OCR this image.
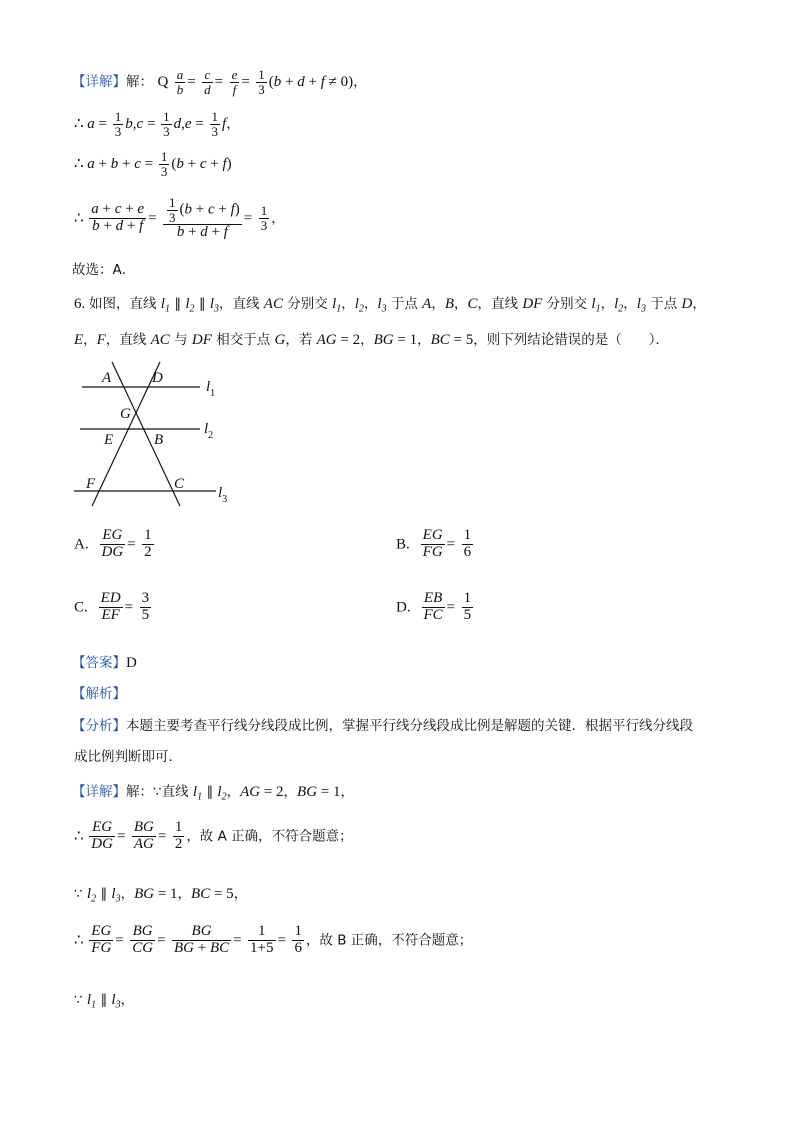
【详解】解： Q $\frac{a}{b} = \frac{c}{d} = \frac{e}{f} = \frac{1}{3} (b + d + f \ne 0)$，
∴ $a = \frac{1}{3} b,c = \frac{1}{3} d,e = \frac{1}{3}$ f，
∴ $a + b + c = \frac{1}{3} (b + c + f)$
∴ $\frac{a + c + e}{b + d + f} = \frac{\frac{1}{3} (b + c + f)}{b + d + f} = \frac{1}{3}$ ，
故选：A．
6. 如图，直线 $l_1$ ∥ $l_2$ ∥ $l_3$，直线 AC 分别交 $l_1$，$l_2$，$l_3$ 于点 A，B，C，直线 DF 分别交 $l_1$，$l_2$，$l_3$ 于点 D，
E，F，直线 AC 与 DF 相交于点 G，若 AG = 2，BG = 1，BC = 5，则下列结论错误的是（　　）．
A	D
G
E	B
F	C
$l_1$
$l_2$
$l_3$
A. $\frac{EG}{DG} = \frac{1}{2}$	B. $\frac{EG}{FG} = \frac{1}{6}$
C. $\frac{ED}{EF} = \frac{3}{5}$	D. $\frac{EB}{FC} = \frac{1}{5}$
【答案】D
【解析】
【分析】本题主要考查平行线分线段成比例，掌握平行线分线段成比例是解题的关键．根据平行线分线段
成比例判断即可．
【详解】解：∵直线 $l_1$ ∥ $l_2$，AG = 2，BG = 1，
∴ $\frac{EG}{DG} = \frac{BG}{AG} = \frac{1}{2}$ ，故 A 正确，不符合题意；
∵ $l_2$ ∥ $l_3$，BG = 1，BC = 5，
∴ $\frac{EG}{FG} = \frac{BG}{CG} = \frac{BG}{BG + BC} = \frac{1}{1+5} = \frac{1}{6}$ ，故 B 正确，不符合题意；
∵ $l_1$ ∥ $l_3$，
